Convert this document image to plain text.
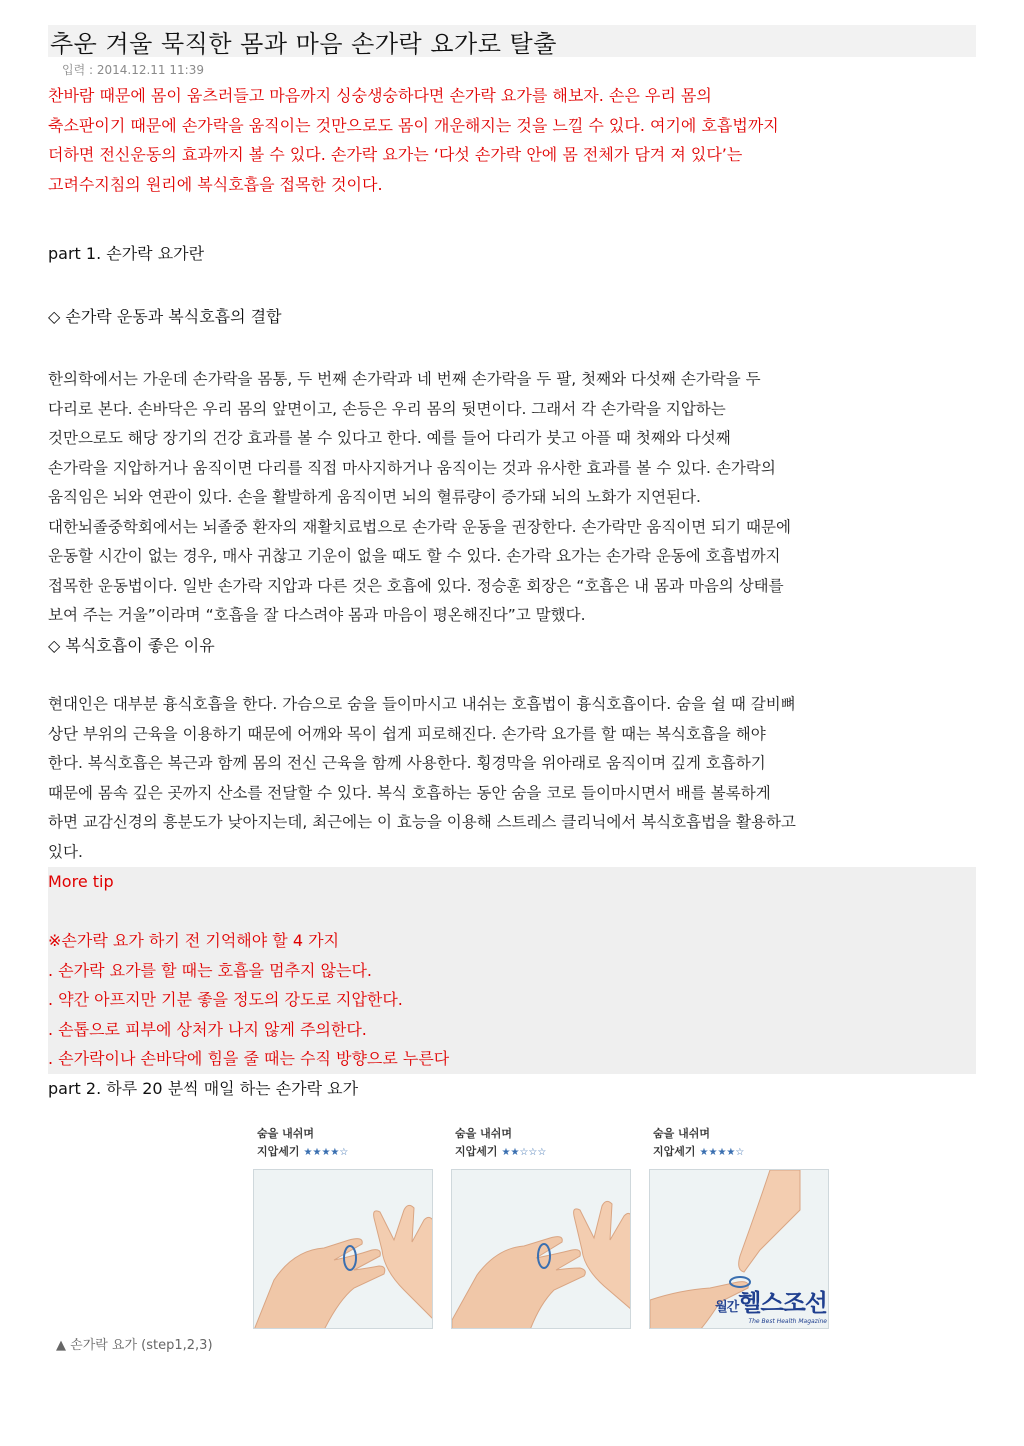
추운 겨울 묵직한 몸과 마음 손가락 요가로 탈출
입력 : 2014.12.11 11:39

찬바람 때문에 몸이 움츠러들고 마음까지 싱숭생숭하다면 손가락 요가를 해보자. 손은 우리 몸의

축소판이기 때문에 손가락을 움직이는 것만으로도 몸이 개운해지는 것을 느낄 수 있다. 여기에 호흡법까지

더하면 전신운동의 효과까지 볼 수 있다. 손가락 요가는 ‘다섯 손가락 안에 몸 전체가 담겨 져 있다’는

고려수지침의 원리에 복식호흡을 접목한 것이다.

part 1. 손가락 요가란

◇ 손가락 운동과 복식호흡의 결합

한의학에서는 가운데 손가락을 몸통, 두 번째 손가락과 네 번째 손가락을 두 팔, 첫째와 다섯째 손가락을 두

다리로 본다. 손바닥은 우리 몸의 앞면이고, 손등은 우리 몸의 뒷면이다. 그래서 각 손가락을 지압하는

것만으로도 해당 장기의 건강 효과를 볼 수 있다고 한다. 예를 들어 다리가 붓고 아플 때 첫째와 다섯째

손가락을 지압하거나 움직이면 다리를 직접 마사지하거나 움직이는 것과 유사한 효과를 볼 수 있다. 손가락의

움직임은 뇌와 연관이 있다. 손을 활발하게 움직이면 뇌의 혈류량이 증가돼 뇌의 노화가 지연된다.

대한뇌졸중학회에서는 뇌졸중 환자의 재활치료법으로 손가락 운동을 권장한다. 손가락만 움직이면 되기 때문에

운동할 시간이 없는 경우, 매사 귀찮고 기운이 없을 때도 할 수 있다. 손가락 요가는 손가락 운동에 호흡법까지

접목한 운동법이다. 일반 손가락 지압과 다른 것은 호흡에 있다. 정승훈 회장은 “호흡은 내 몸과 마음의 상태를

보여 주는 거울”이라며 “호흡을 잘 다스려야 몸과 마음이 평온해진다”고 말했다.

◇ 복식호흡이 좋은 이유

현대인은 대부분 흉식호흡을 한다. 가슴으로 숨을 들이마시고 내쉬는 호흡법이 흉식호흡이다. 숨을 쉴 때 갈비뼈

상단 부위의 근육을 이용하기 때문에 어깨와 목이 쉽게 피로해진다. 손가락 요가를 할 때는 복식호흡을 해야

한다. 복식호흡은 복근과 함께 몸의 전신 근육을 함께 사용한다. 횡경막을 위아래로 움직이며 깊게 호흡하기

때문에 몸속 깊은 곳까지 산소를 전달할 수 있다. 복식 호흡하는 동안 숨을 코로 들이마시면서 배를 볼록하게

하면 교감신경의 흥분도가 낮아지는데, 최근에는 이 효능을 이용해 스트레스 클리닉에서 복식호흡법을 활용하고

있다.

More tip

※손가락 요가 하기 전 기억해야 할 4 가지

. 손가락 요가를 할 때는 호흡을 멈추지 않는다.

. 약간 아프지만 기분 좋을 정도의 강도로 지압한다.

. 손톱으로 피부에 상처가 나지 않게 주의한다.

. 손가락이나 손바닥에 힘을 줄 때는 수직 방향으로 누른다

part 2. 하루 20 분씩 매일 하는 손가락 요가

숨을 내쉬며
지압세기 ★★★★☆
숨을 내쉬며
지압세기 ★★☆☆☆
숨을 내쉬며
지압세기 ★★★★☆
월간헬스조선
The Best Health Magazine
▲ 손가락 요가 (step1,2,3)
